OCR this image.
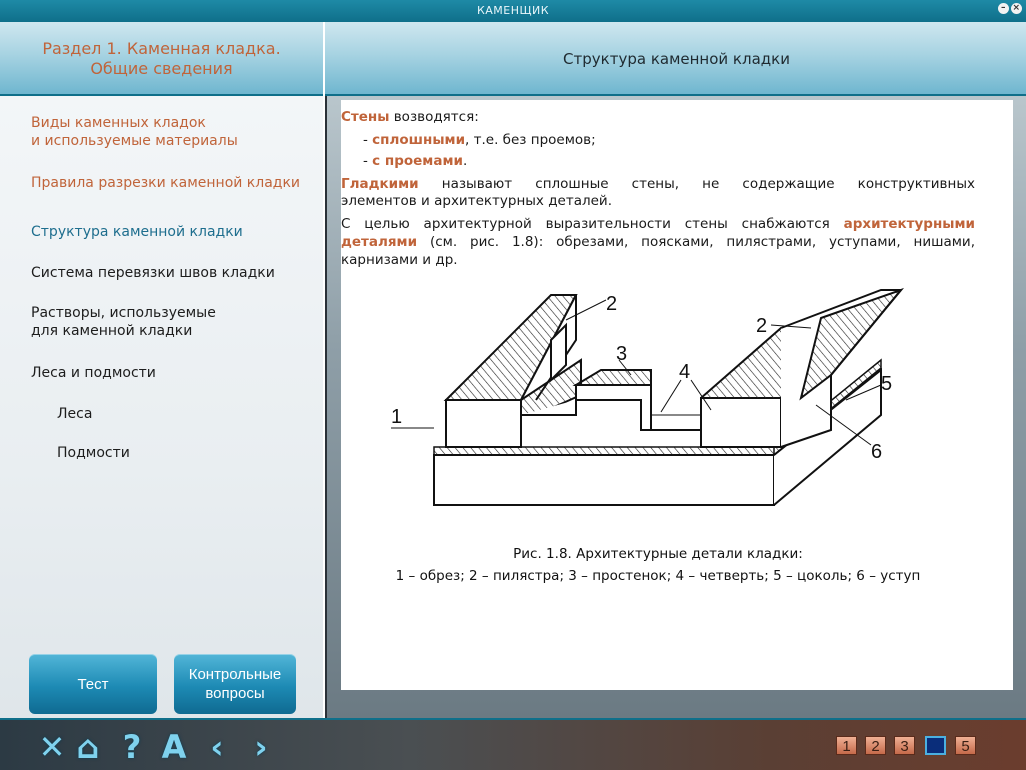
КАМЕНЩИК	– ×
Раздел 1. Каменная кладка. Общие сведения	Структура каменной кладки
Виды каменных кладок
и используемые материалы
Правила разрезки каменной кладки
Структура каменной кладки
Система перевязки швов кладки
Растворы, используемые
для каменной кладки
Леса и подмости
Леса
Подмости
Тест
Контрольные
вопросы
Стены возводятся:
- сплошными, т.е. без проемов;
- с проемами.
Гладкими называют сплошные стены, не содержащие конструктивных
элементов и архитектурных деталей.
С целью архитектурной выразительности стены снабжаются архитектурными
деталями (см. рис. 1.8): обрезами, поясками, пилястрами, уступами, нишами,
карнизами и др.
1
2
2
3
4
5
6
Рис. 1.8. Архитектурные детали кладки:
1 – обрез; 2 – пилястра; 3 – простенок; 4 – четверть; 5 – цоколь; 6 – уступ
✕ ⌂ ? A ‹ ›	1	2	3	5
